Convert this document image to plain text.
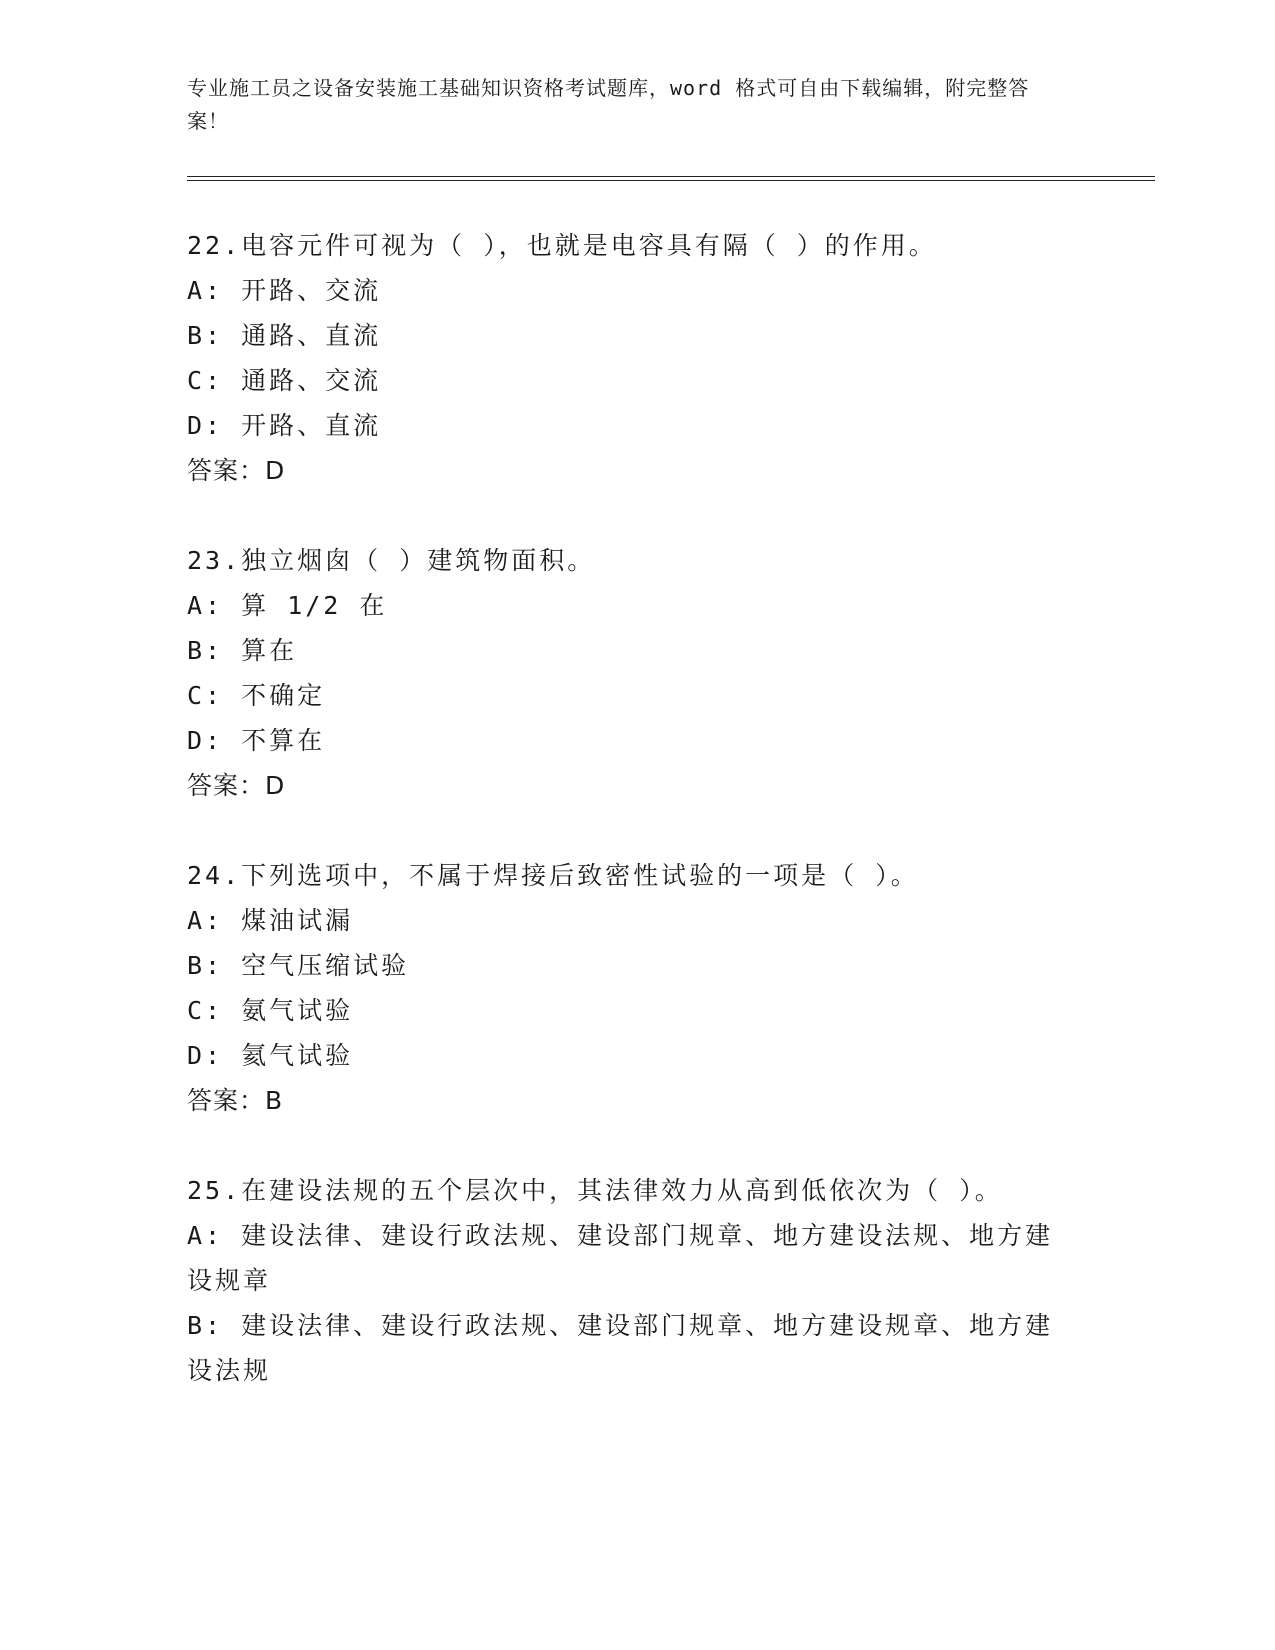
专业施工员之设备安装施工基础知识资格考试题库，word 格式可自由下载编辑，附完整答案！

22.电容元件可视为（ ），也就是电容具有隔（ ）的作用。

A: 开路、交流

B: 通路、直流

C: 通路、交流

D: 开路、直流

答案：D

23.独立烟囱（ ）建筑物面积。

A: 算 1/2 在

B: 算在

C: 不确定

D: 不算在

答案：D

24.下列选项中，不属于焊接后致密性试验的一项是（ ）。

A: 煤油试漏

B: 空气压缩试验

C: 氨气试验

D: 氦气试验

答案：B

25.在建设法规的五个层次中，其法律效力从高到低依次为（ ）。

A: 建设法律、建设行政法规、建设部门规章、地方建设法规、地方建设规章

B: 建设法律、建设行政法规、建设部门规章、地方建设规章、地方建设法规
